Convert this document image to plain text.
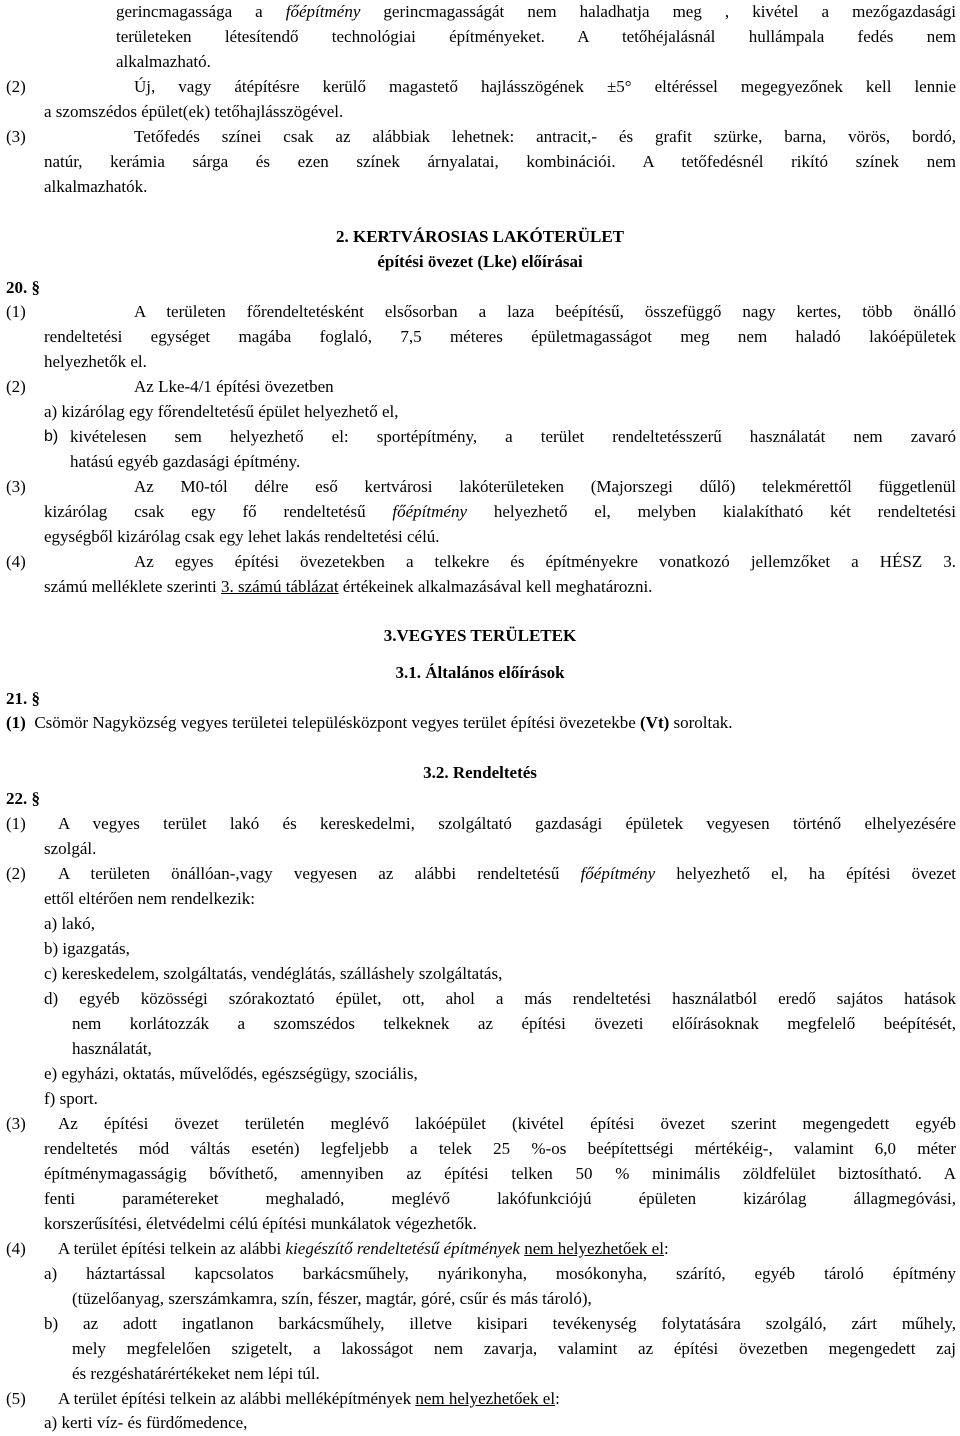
gerincmagassága a főépítmény gerincmagasságát nem haladhatja meg , kivétel a mezőgazdasági
területeken létesítendő technológiai építményeket. A tetőhéjalásnál hullámpala fedés nem
alkalmazható.
(2)	Új, vagy átépítésre kerülő magastető hajlásszögének ±5° eltéréssel megegyezőnek kell lennie
a szomszédos épület(ek) tetőhajlásszögével.
(3)	Tetőfedés színei csak az alábbiak lehetnek: antracit,- és grafit szürke, barna, vörös, bordó,
natúr, kerámia sárga és ezen színek árnyalatai, kombinációi. A tetőfedésnél rikító színek nem
alkalmazhatók.
2. KERTVÁROSIAS LAKÓTERÜLET
építési övezet (Lke) előírásai
20. §
(1)	A területen főrendeltetésként elsősorban a laza beépítésű, összefüggő nagy kertes, több önálló
rendeltetési egységet magába foglaló, 7,5 méteres épületmagasságot meg nem haladó lakóépületek
helyezhetők el.
(2)	Az Lke-4/1 építési övezetben
a) kizárólag egy főrendeltetésű épület helyezhető el,
b) kivételesen sem helyezhető el: sportépítmény, a terület rendeltetésszerű használatát nem zavaró
hatású egyéb gazdasági építmény.
(3)	Az M0-tól délre eső kertvárosi lakóterületeken (Majorszegi dűlő) telekmérettől függetlenül
kizárólag csak egy fő rendeltetésű főépítmény helyezhető el, melyben kialakítható két rendeltetési
egységből kizárólag csak egy lehet lakás rendeltetési célú.
(4)	Az egyes építési övezetekben a telkekre és építményekre vonatkozó jellemzőket a HÉSZ 3.
számú melléklete szerinti 3. számú táblázat értékeinek alkalmazásával kell meghatározni.
3.VEGYES TERÜLETEK
3.1. Általános előírások
21. §
(1) Csömör Nagyközség vegyes területei településközpont vegyes terület építési övezetekbe (Vt) soroltak.
3.2. Rendeltetés
22. §
(1) A vegyes terület lakó és kereskedelmi, szolgáltató gazdasági épületek vegyesen történő elhelyezésére
szolgál.
(2) A területen önállóan-,vagy vegyesen az alábbi rendeltetésű főépítmény helyezhető el, ha építési övezet
ettől eltérően nem rendelkezik:
a) lakó,
b) igazgatás,
c) kereskedelem, szolgáltatás, vendéglátás, szálláshely szolgáltatás,
d) egyéb közösségi szórakoztató épület, ott, ahol a más rendeltetési használatból eredő sajátos hatások
nem korlátozzák a szomszédos telkeknek az építési övezeti előírásoknak megfelelő beépítését,
használatát,
e) egyházi, oktatás, művelődés, egészségügy, szociális,
f) sport.
(3) Az építési övezet területén meglévő lakóépület (kivétel építési övezet szerint megengedett egyéb
rendeltetés mód váltás esetén) legfeljebb a telek 25 %-os beépítettségi mértékéig-, valamint 6,0 méter
építménymagasságig bővíthető, amennyiben az építési telken 50 % minimális zöldfelület biztosítható. A
fenti paramétereket meghaladó, meglévő lakófunkciójú épületen kizárólag állagmegóvási,
korszerűsítési, életvédelmi célú építési munkálatok végezhetők.
(4) A terület építési telkein az alábbi kiegészítő rendeltetésű építmények nem helyezhetőek el:
a) háztartással kapcsolatos barkácsműhely, nyárikonyha, mosókonyha, szárító, egyéb tároló építmény
(tüzelőanyag, szerszámkamra, szín, fészer, magtár, góré, csűr és más tároló),
b) az adott ingatlanon barkácsműhely, illetve kisipari tevékenység folytatására szolgáló, zárt műhely,
mely megfelelően szigetelt, a lakosságot nem zavarja, valamint az építési övezetben megengedett zaj
és rezgéshatárértékeket nem lépi túl.
(5) A terület építési telkein az alábbi melléképítmények nem helyezhetőek el:
a) kerti víz- és fürdőmedence,
